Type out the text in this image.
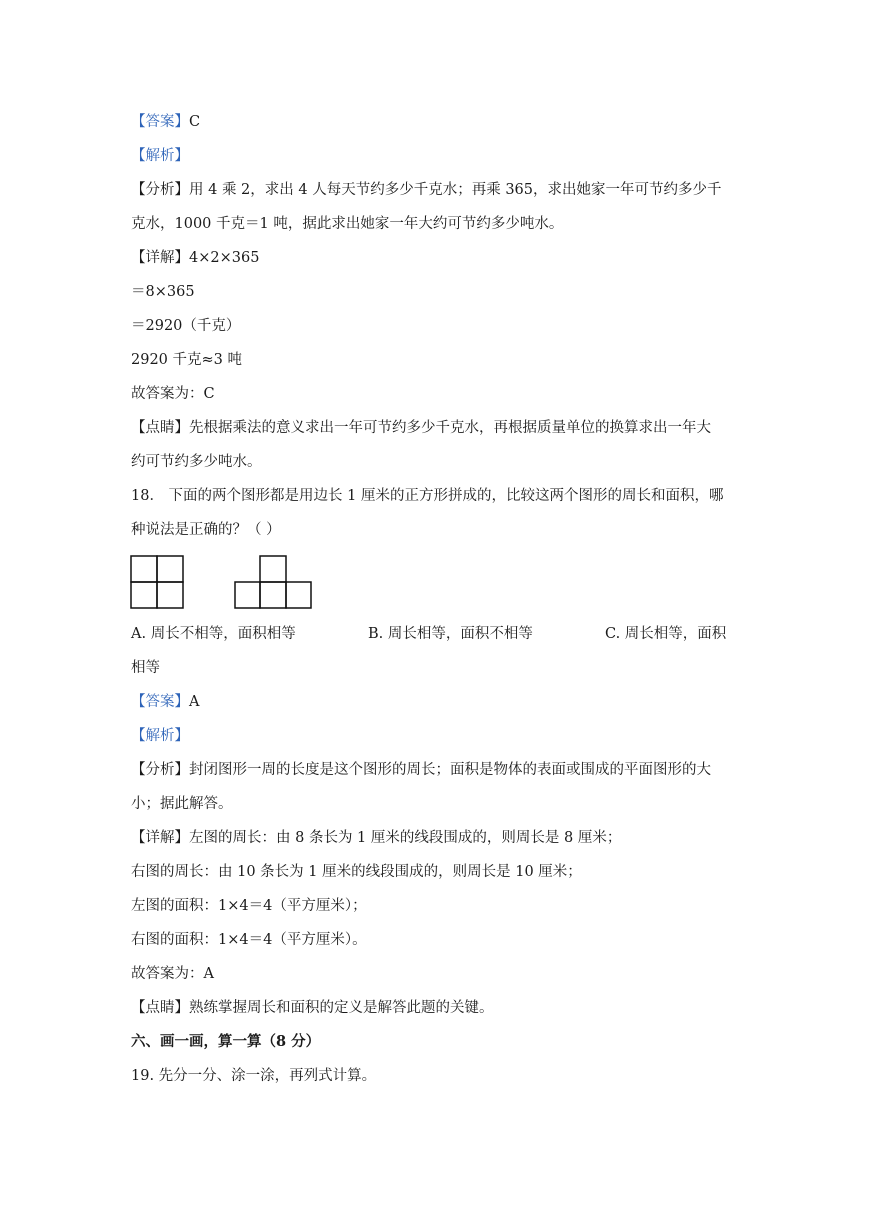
【答案】C
【解析】
【分析】用 4 乘 2，求出 4 人每天节约多少千克水；再乘 365，求出她家一年可节约多少千
克水，1000 千克＝1 吨，据此求出她家一年大约可节约多少吨水。
【详解】4×2×365
＝8×365
＝2920（千克）
2920 千克≈3 吨
故答案为：C
【点睛】先根据乘法的意义求出一年可节约多少千克水，再根据质量单位的换算求出一年大
约可节约多少吨水。
18． 下面的两个图形都是用边长 1 厘米的正方形拼成的，比较这两个图形的周长和面积，哪
种说法是正确的？（ ）
A. 周长不相等，面积相等	B. 周长相等，面积不相等	C. 周长相等，面积
相等
【答案】A
【解析】
【分析】封闭图形一周的长度是这个图形的周长；面积是物体的表面或围成的平面图形的大
小；据此解答。
【详解】左图的周长：由 8 条长为 1 厘米的线段围成的，则周长是 8 厘米；
右图的周长：由 10 条长为 1 厘米的线段围成的，则周长是 10 厘米；
左图的面积：1×4＝4（平方厘米）；
右图的面积：1×4＝4（平方厘米）。
故答案为：A
【点睛】熟练掌握周长和面积的定义是解答此题的关键。
六、画一画，算一算（8 分）
19. 先分一分、涂一涂，再列式计算。
